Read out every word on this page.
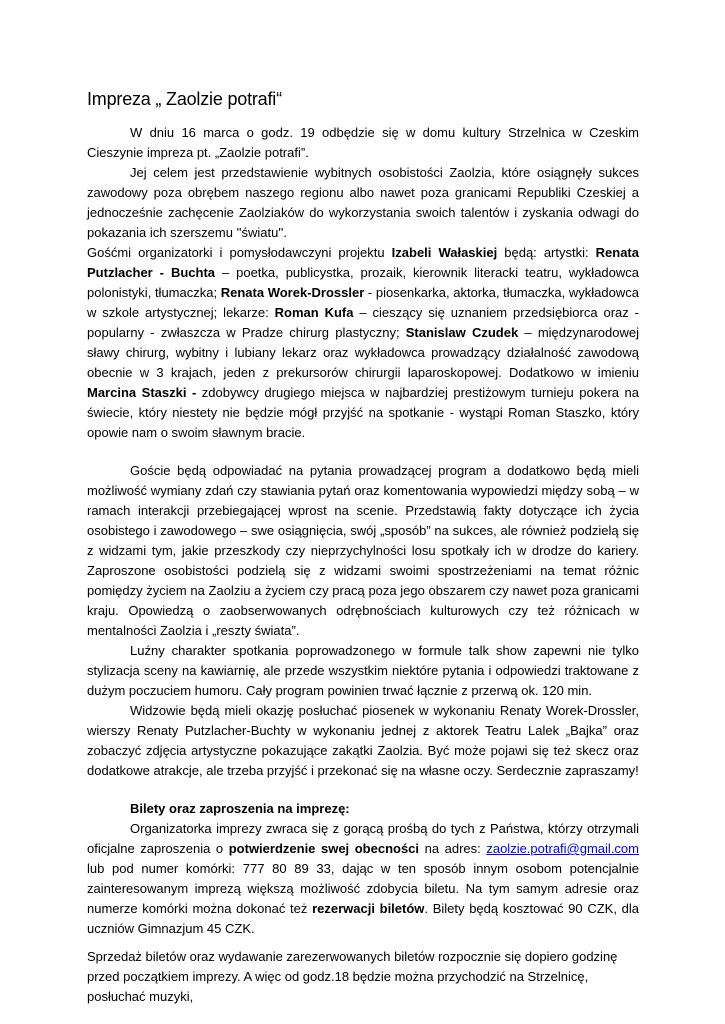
Impreza „ Zaolzie potrafi“

W dniu 16 marca o godz. 19 odbędzie się w domu kultury Strzelnica w Czeskim Cieszynie impreza pt. „Zaolzie potrafi”.

Jej celem jest przedstawienie wybitnych osobistości Zaolzia, które osiągnęły sukces zawodowy poza obrębem naszego regionu albo nawet poza granicami Republiki Czeskiej a jednocześnie zachęcenie Zaolziaków do wykorzystania swoich talentów i zyskania odwagi do pokazania ich szerszemu ''światu''.

Gośćmi organizatorki i pomysłodawczyni projektu Izabeli Wałaskiej będą: artystki: Renata Putzlacher - Buchta – poetka, publicystka, prozaik, kierownik literacki teatru, wykładowca polonistyki, tłumaczka; Renata Worek-Drossler - piosenkarka, aktorka, tłumaczka, wykładowca w szkole artystycznej; lekarze: Roman Kufa – cieszący się uznaniem przedsiębiorca oraz - popularny - zwłaszcza w Pradze chirurg plastyczny; Stanislaw Czudek – międzynarodowej sławy chirurg, wybitny i lubiany lekarz oraz wykładowca prowadzący działalność zawodową obecnie w 3 krajach, jeden z prekursorów chirurgii laparoskopowej. Dodatkowo w imieniu Marcina Staszki - zdobywcy drugiego miejsca w najbardziej prestiżowym turnieju pokera na świecie, który niestety nie będzie mógł przyjść na spotkanie - wystąpi Roman Staszko, który opowie nam o swoim sławnym bracie.

Goście będą odpowiadać na pytania prowadzącej program a dodatkowo będą mieli możliwość wymiany zdań czy stawiania pytań oraz komentowania wypowiedzi między sobą – w ramach interakcji przebiegającej wprost na scenie. Przedstawią fakty dotyczące ich życia osobistego i zawodowego – swe osiągnięcia, swój „sposób” na sukces, ale również podzielą się z widzami tym, jakie przeszkody czy nieprzychylności losu spotkały ich w drodze do kariery. Zaproszone osobistości podzielą się z widzami swoimi spostrzeżeniami na temat różnic pomiędzy życiem na Zaolziu a życiem czy pracą poza jego obszarem czy nawet poza granicami kraju. Opowiedzą o zaobserwowanych odrębnościach kulturowych czy też różnicach w mentalności Zaolzia i „reszty świata”.

Luźny charakter spotkania poprowadzonego w formule talk show zapewni nie tylko stylizacja sceny na kawiarnię, ale przede wszystkim niektóre pytania i odpowiedzi traktowane z dużym poczuciem humoru. Cały program powinien trwać łącznie z przerwą ok. 120 min.

Widzowie będą mieli okazję posłuchać piosenek w wykonaniu Renaty Worek-Drossler, wierszy Renaty Putzlacher-Buchty w wykonaniu jednej z aktorek Teatru Lalek „Bajka” oraz zobaczyć zdjęcia artystyczne pokazujące zakątki Zaolzia. Być może pojawi się też skecz oraz dodatkowe atrakcje, ale trzeba przyjść i przekonać się na własne oczy. Serdecznie zapraszamy!

Bilety oraz zaproszenia na imprezę:

Organizatorka imprezy zwraca się z gorącą prośbą do tych z Państwa, którzy otrzymali oficjalne zaproszenia o potwierdzenie swej obecności na adres: zaolzie.potrafi@gmail.com lub pod numer komórki: 777 80 89 33, dając w ten sposób innym osobom potencjalnie zainteresowanym imprezą większą możliwość zdobycia biletu. Na tym samym adresie oraz numerze komórki można dokonać też rezerwacji biletów. Bilety będą kosztować 90 CZK, dla uczniów Gimnazjum 45 CZK.

Sprzedaż biletów oraz wydawanie zarezerwowanych biletów rozpocznie się dopiero godzinę przed początkiem imprezy. A więc od godz.18 będzie można przychodzić na Strzelnicę, posłuchać muzyki,
